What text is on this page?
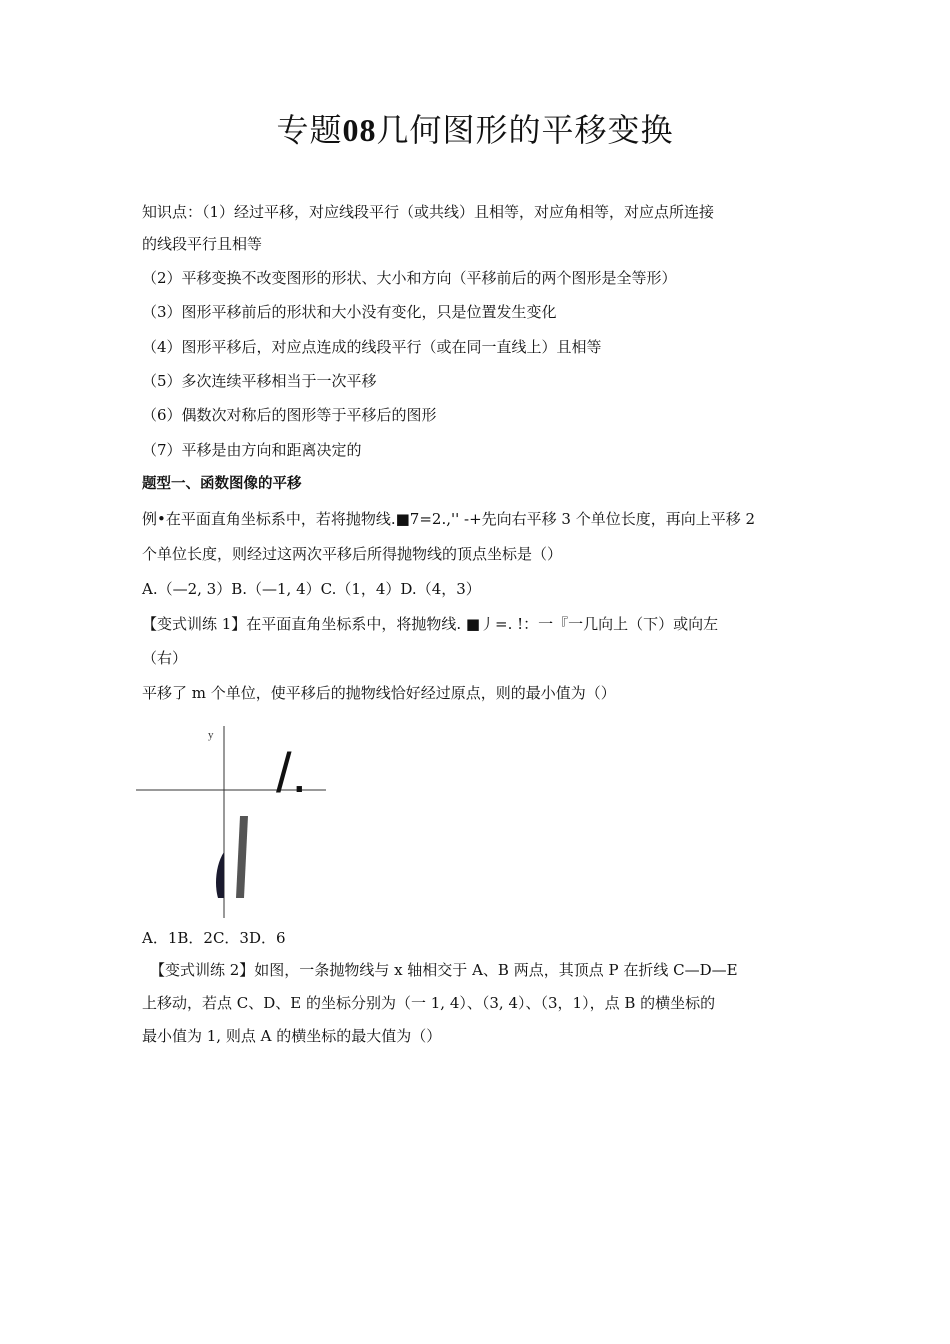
专题08几何图形的平移变换
知识点：（1）经过平移，对应线段平行（或共线）且相等，对应角相等，对应点所连接
的线段平行且相等
（2）平移变换不改变图形的形状、大小和方向（平移前后的两个图形是全等形）
（3）图形平移前后的形状和大小没有变化，只是位置发生变化
（4）图形平移后，对应点连成的线段平行（或在同一直线上）且相等
（5）多次连续平移相当于一次平移
（6）偶数次对称后的图形等于平移后的图形
（7）平移是由方向和距离决定的
题型一、函数图像的平移
例•在平面直角坐标系中，若将抛物线.■7=2.,'' -+先向右平移 3 个单位长度，再向上平移 2
个单位长度，则经过这两次平移后所得抛物线的顶点坐标是（）
A.（—2, 3）B.（—1, 4）C.（1，4）D.（4，3）
【变式训练 1】在平面直角坐标系中，将抛物线. ■丿=. !：一『一几向上（下）或向左
（右）
平移了 m 个单位，使平移后的抛物线恰好经过原点，则的最小值为（）
y
/.
A．1B．2C．3D．6
【变式训练 2】如图，一条抛物线与 x 轴相交于 A、B 两点，其顶点 P 在折线 C—D—E
上移动，若点 C、D、E 的坐标分别为（一 1, 4）、（3, 4）、（3，1），点 B 的横坐标的
最小值为 1, 则点 A 的横坐标的最大值为（）
